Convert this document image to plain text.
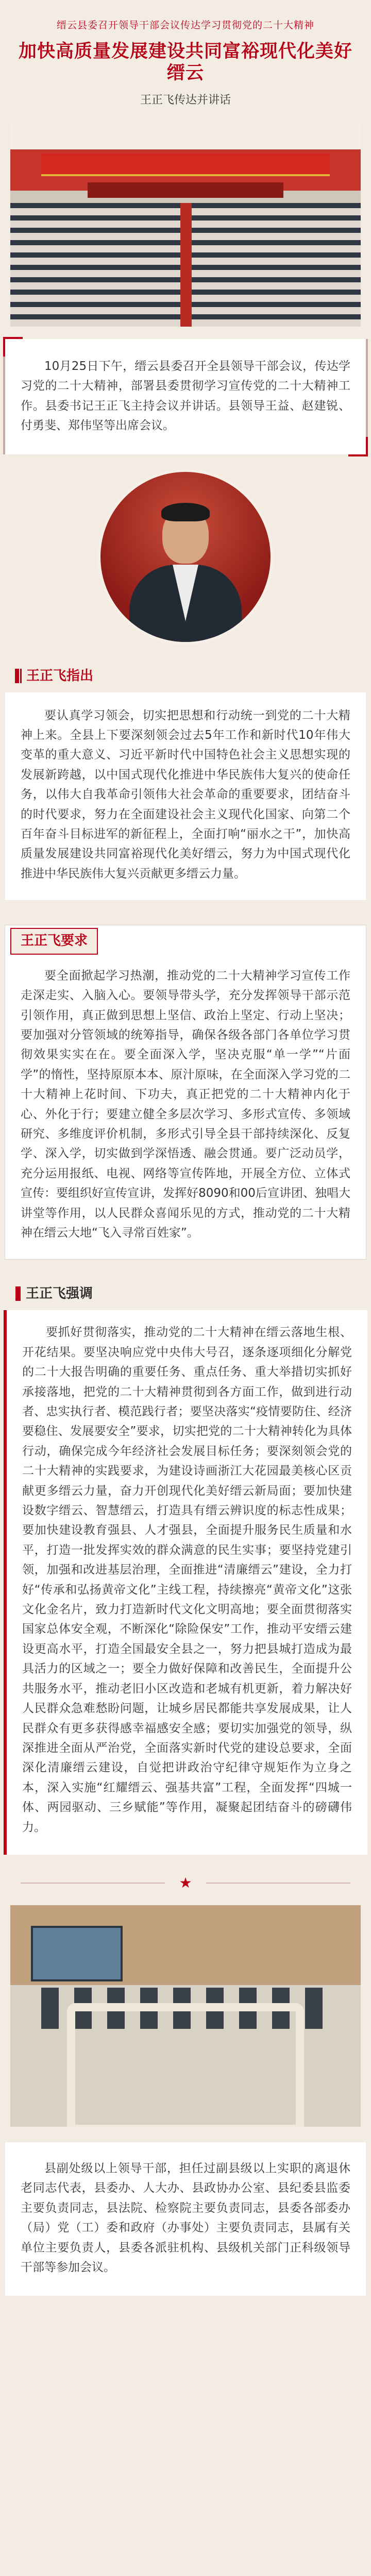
缙云县委召开领导干部会议传达学习贯彻党的二十大精神
加快高质量发展建设共同富裕现代化美好缙云
王正飞传达并讲话

10月25日下午，缙云县委召开全县领导干部会议，传达学习党的二十大精神，部署县委贯彻学习宣传党的二十大精神工作。县委书记王正飞主持会议并讲话。县领导王益、赵建锐、付勇斐、郑伟坚等出席会议。

王正飞指出

要认真学习领会，切实把思想和行动统一到党的二十大精神上来。全县上下要深刻领会过去5年工作和新时代10年伟大变革的重大意义、习近平新时代中国特色社会主义思想实现的发展新跨越，以中国式现代化推进中华民族伟大复兴的使命任务，以伟大自我革命引领伟大社会革命的重要要求，团结奋斗的时代要求，努力在全面建设社会主义现代化国家、向第二个百年奋斗目标进军的新征程上，全面打响“丽水之干”，加快高质量发展建设共同富裕现代化美好缙云，努力为中国式现代化推进中华民族伟大复兴贡献更多缙云力量。

王正飞要求

要全面掀起学习热潮，推动党的二十大精神学习宣传工作走深走实、入脑入心。要领导带头学，充分发挥领导干部示范引领作用，真正做到思想上坚信、政治上坚定、行动上坚决；要加强对分管领域的统筹指导，确保各级各部门各单位学习贯彻效果实实在在。要全面深入学，坚决克服“单一学”“片面学”的惰性，坚持原原本本、原汁原味，在全面深入学习党的二十大精神上花时间、下功夫，真正把党的二十大精神内化于心、外化于行；要建立健全多层次学习、多形式宣传、多领域研究、多维度评价机制，多形式引导全县干部持续深化、反复学、深入学，切实做到学深悟透、融会贯通。要广泛动员学，充分运用报纸、电视、网络等宣传阵地，开展全方位、立体式宣传：要组织好宣传宣讲，发挥好8090和00后宣讲团、独唱大讲堂等作用，以人民群众喜闻乐见的方式，推动党的二十大精神在缙云大地“飞入寻常百姓家”。

王正飞强调

要抓好贯彻落实，推动党的二十大精神在缙云落地生根、开花结果。要坚决响应党中央伟大号召，逐条逐项细化分解党的二十大报告明确的重要任务、重点任务、重大举措切实抓好承接落地，把党的二十大精神贯彻到各方面工作，做到进行动者、忠实执行者、模范践行者；要坚决落实“疫情要防住、经济要稳住、发展要安全”要求，切实把党的二十大精神转化为具体行动，确保完成今年经济社会发展目标任务；要深刻领会党的二十大精神的实践要求，为建设诗画浙江大花园最美核心区贡献更多缙云力量，奋力开创现代化美好缙云新局面；要加快建设数字缙云、智慧缙云，打造具有缙云辨识度的标志性成果；要加快建设教育强县、人才强县，全面提升服务民生质量和水平，打造一批发挥实效的群众满意的民生实事；要坚持党建引领，加强和改进基层治理，全面推进“清廉缙云”建设，全力打好“传承和弘扬黄帝文化”主线工程，持续擦亮“黄帝文化”这张文化金名片，致力打造新时代文化文明高地；要全面贯彻落实国家总体安全观，不断深化“除险保安”工作，推动平安缙云建设更高水平，打造全国最安全县之一，努力把县城打造成为最具活力的区域之一；要全力做好保障和改善民生，全面提升公共服务水平，推动老旧小区改造和老城有机更新，着力解决好人民群众急难愁盼问题，让城乡居民都能共享发展成果，让人民群众有更多获得感幸福感安全感；要切实加强党的领导，纵深推进全面从严治党，全面落实新时代党的建设总要求，全面深化清廉缙云建设，自觉把讲政治守纪律守规矩作为立身之本，深入实施“红耀缙云、强基共富”工程，全面发挥“四城一体、两园驱动、三乡赋能”等作用，凝聚起团结奋斗的磅礴伟力。

★

县副处级以上领导干部，担任过副县级以上实职的离退休老同志代表，县委办、人大办、县政协办公室、县纪委县监委主要负责同志，县法院、检察院主要负责同志，县委各部委办（局）党（工）委和政府（办事处）主要负责同志，县属有关单位主要负责人，县委各派驻机构、县级机关部门正科级领导干部等参加会议。
